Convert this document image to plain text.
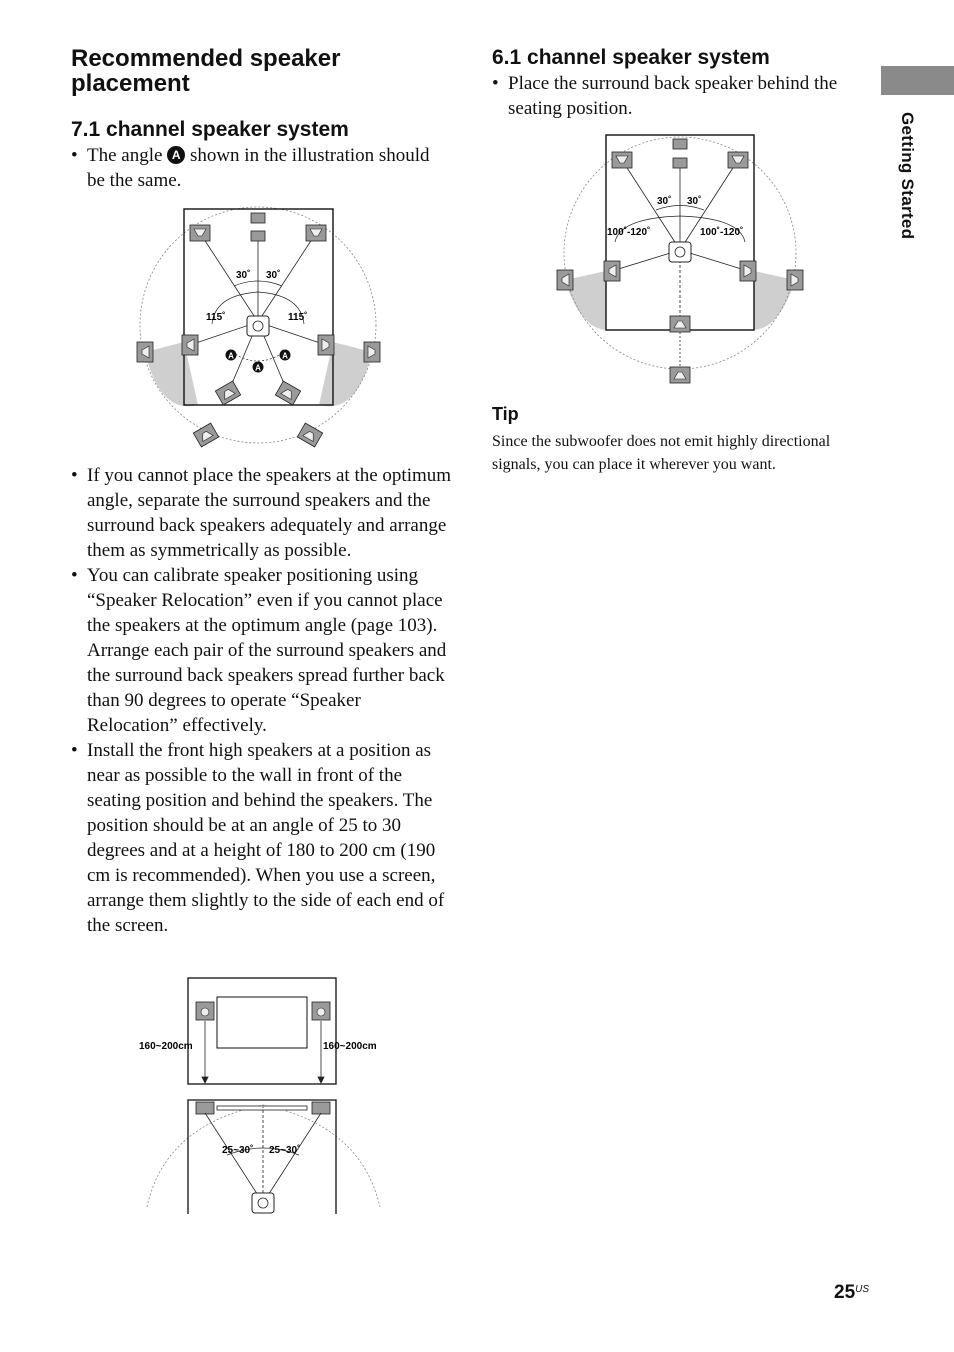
Recommended speaker placement
7.1 channel speaker system
• The angle A shown in the illustration should be the same.
30˚ 30˚
115˚	115˚
A
A
A
• If you cannot place the speakers at the optimum angle, separate the surround speakers and the surround back speakers adequately and arrange them as symmetrically as possible.
• You can calibrate speaker positioning using “Speaker Relocation” even if you cannot place the speakers at the optimum angle (page 103). Arrange each pair of the surround speakers and the surround back speakers spread further back than 90 degrees to operate “Speaker Relocation” effectively.
• Install the front high speakers at a position as near as possible to the wall in front of the seating position and behind the speakers. The position should be at an angle of 25 to 30 degrees and at a height of 180 to 200 cm (190 cm is recommended). When you use a screen, arrange them slightly to the side of each end of the screen.
160~200cm	160~200cm
25~30˚ 25~30˚
6.1 channel speaker system
• Place the surround back speaker behind the seating position.
30˚ 30˚
100˚-120˚	100˚-120˚
Tip

Since the subwoofer does not emit highly directional signals, you can place it wherever you want.

Getting Started
$25^{US}$
